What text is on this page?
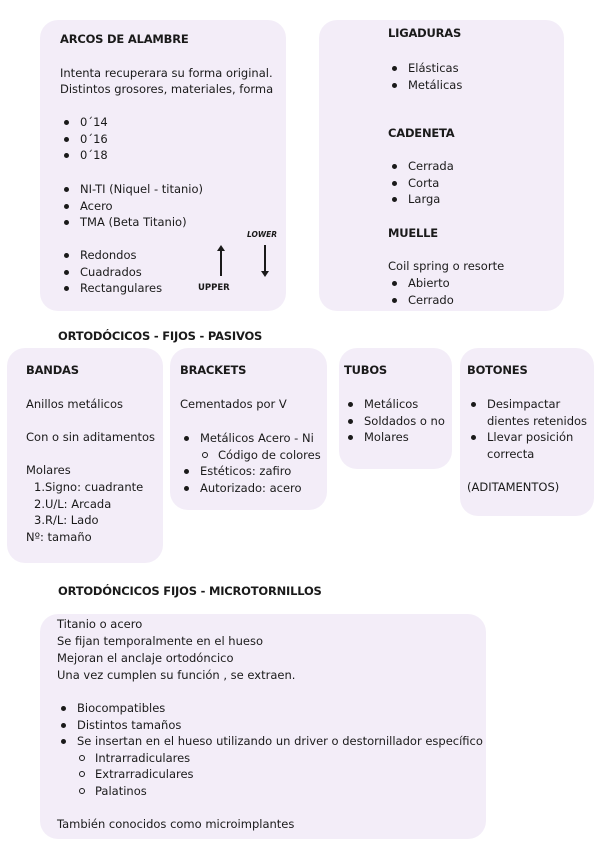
ARCOS DE ALAMBRE
Intenta recuperara su forma original.
Distintos grosores, materiales, forma
0´14
0´16
0´18
NI-TI (Niquel - titanio)
Acero
TMA (Beta Titanio)
Redondos
Cuadrados
Rectangulares
LOWER
UPPER
LIGADURAS
Elásticas
Metálicas
CADENETA
Cerrada
Corta
Larga
MUELLE
Coil spring o resorte
Abierto
Cerrado
ORTODÓCICOS - FIJOS - PASIVOS
BANDAS
Anillos metálicos
Con o sin aditamentos
Molares
1.Signo: cuadrante
2.U/L: Arcada
3.R/L: Lado
Nº: tamaño
BRACKETS
Cementados por V
Metálicos Acero - Ni
Código de colores
Estéticos: zafiro
Autorizado: acero
TUBOS
Metálicos
Soldados o no
Molares
BOTONES
Desimpactar dientes retenidos
Llevar posición correcta
(ADITAMENTOS)
ORTODÓNCICOS FIJOS - MICROTORNILLOS
Titanio o acero
Se fijan temporalmente en el hueso
Mejoran el anclaje ortodóncico
Una vez cumplen su función , se extraen.
Biocompatibles
Distintos tamaños
Se insertan en el hueso utilizando un driver o destornillador específico
Intrarradiculares
Extrarradiculares
Palatinos
También conocidos como microimplantes
